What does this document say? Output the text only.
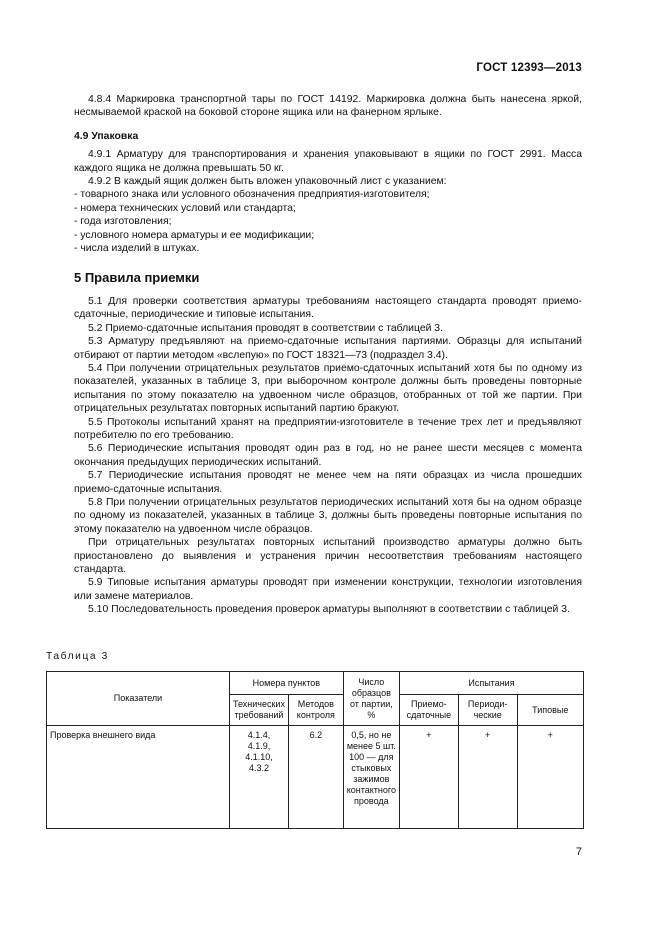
ГОСТ 12393—2013

4.8.4 Маркировка транспортной тары по ГОСТ 14192. Маркировка должна быть нанесена яркой, несмываемой краской на боковой стороне ящика или на фанерном ярлыке.

4.9 Упаковка

4.9.1 Арматуру для транспортирования и хранения упаковывают в ящики по ГОСТ 2991. Масса каждого ящика не должна превышать 50 кг.

4.9.2 В каждый ящик должен быть вложен упаковочный лист с указанием:

- товарного знака или условного обозначения предприятия-изготовителя;
- номера технических условий или стандарта;
- года изготовления;
- условного номера арматуры и ее модификации;
- числа изделий в штуках.
5 Правила приемки

5.1 Для проверки соответствия арматуры требованиям настоящего стандарта проводят приемо-сдаточные, периодические и типовые испытания.

5.2 Приемо-сдаточные испытания проводят в соответствии с таблицей 3.

5.3 Арматуру предъявляют на приемо-сдаточные испытания партиями. Образцы для испытаний отбирают от партии методом «вслепую» по ГОСТ 18321—73 (подраздел 3.4).

5.4 При получении отрицательных результатов приемо-сдаточных испытаний хотя бы по одному из показателей, указанных в таблице 3, при выборочном контроле должны быть проведены повторные испытания по этому показателю на удвоенном числе образцов, отобранных от той же партии. При отрицательных результатах повторных испытаний партию бракуют.

5.5 Протоколы испытаний хранят на предприятии-изготовителе в течение трех лет и предъявляют потребителю по его требованию.

5.6 Периодические испытания проводят один раз в год, но не ранее шести месяцев с момента окончания предыдущих периодических испытаний.

5.7 Периодические испытания проводят не менее чем на пяти образцах из числа прошедших приемо-сдаточные испытания.

5.8 При получении отрицательных результатов периодических испытаний хотя бы на одном образце по одному из показателей, указанных в таблице 3, должны быть проведены повторные испытания по этому показателю на удвоенном числе образцов.

При отрицательных результатах повторных испытаний производство арматуры должно быть приостановлено до выявления и устранения причин несоответствия требованиям настоящего стандарта.

5.9 Типовые испытания арматуры проводят при изменении конструкции, технологии изготовления или замене материалов.

5.10 Последовательность проведения проверок арматуры выполняют в соответствии с таблицей 3.

Таблица 3
Показатели	Номера пунктов		Число образцов от партии, %	Испытания		
	Технических требований	Методов контроля		Приемо-сдаточные	Периоди-ческие	Типовые
Проверка внешнего вида	4.1.4, 4.1.9, 4.1.10, 4.3.2	6.2	0,5, но не менее 5 шт. 100 — для стыковых зажимов контактного провода	+	+	+
7
